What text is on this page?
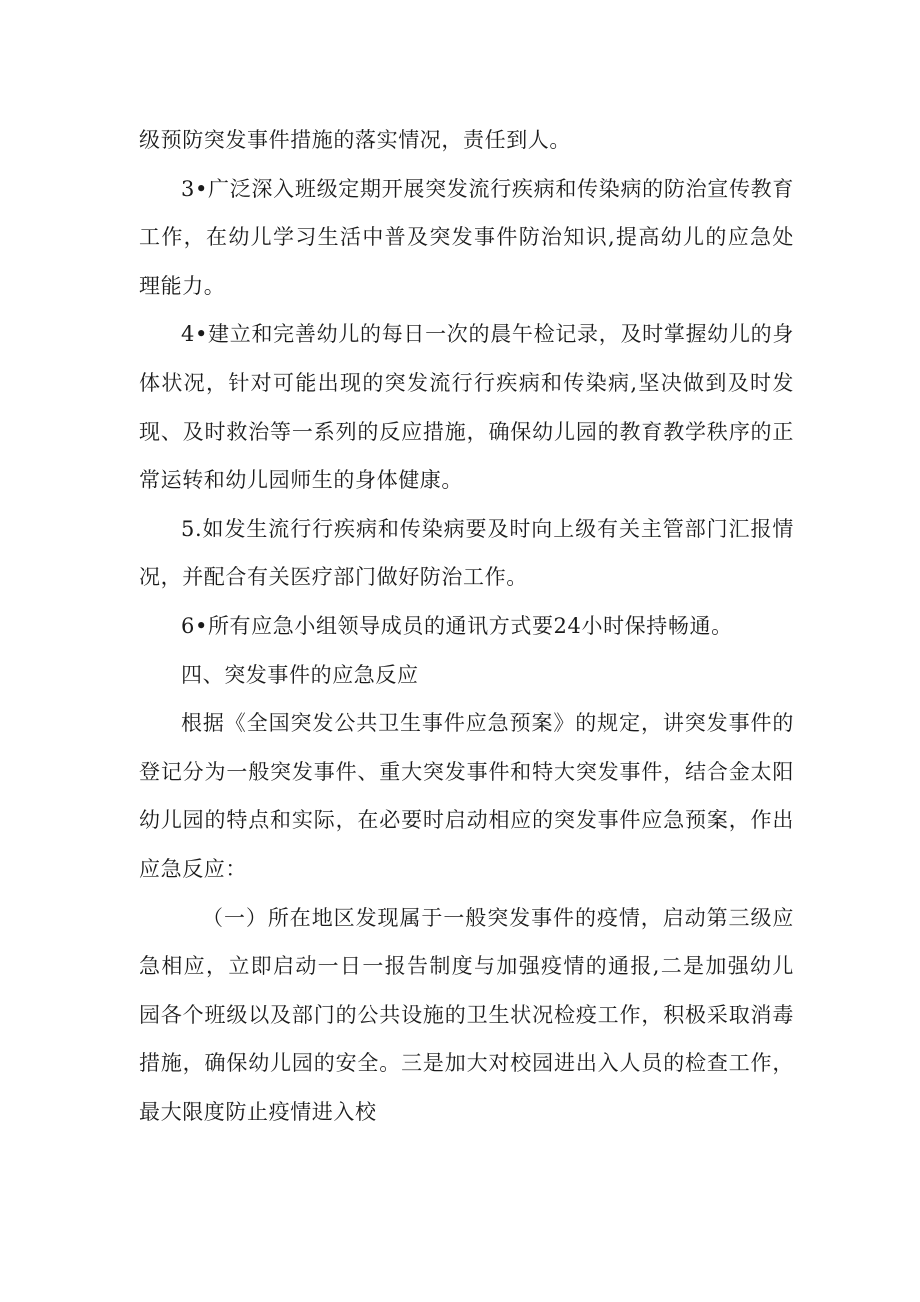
级预防突发事件措施的落实情况，责任到人。

3•广泛深入班级定期开展突发流行疾病和传染病的防治宣传教育工作，在幼儿学习生活中普及突发事件防治知识,提高幼儿的应急处理能力。

4•建立和完善幼儿的每日一次的晨午检记录，及时掌握幼儿的身体状况，针对可能出现的突发流行行疾病和传染病,坚决做到及时发现、及时救治等一系列的反应措施，确保幼儿园的教育教学秩序的正常运转和幼儿园师生的身体健康。

5.如发生流行行疾病和传染病要及时向上级有关主管部门汇报情况，并配合有关医疗部门做好防治工作。

6•所有应急小组领导成员的通讯方式要24小时保持畅通。

四、突发事件的应急反应

根据《全国突发公共卫生事件应急预案》的规定，讲突发事件的登记分为一般突发事件、重大突发事件和特大突发事件，结合金太阳幼儿园的特点和实际，在必要时启动相应的突发事件应急预案，作出应急反应：

（一）所在地区发现属于一般突发事件的疫情，启动第三级应急相应，立即启动一日一报告制度与加强疫情的通报,二是加强幼儿园各个班级以及部门的公共设施的卫生状况检疫工作，积极采取消毒措施，确保幼儿园的安全。三是加大对校园进出入人员的检查工作，最大限度防止疫情进入校
